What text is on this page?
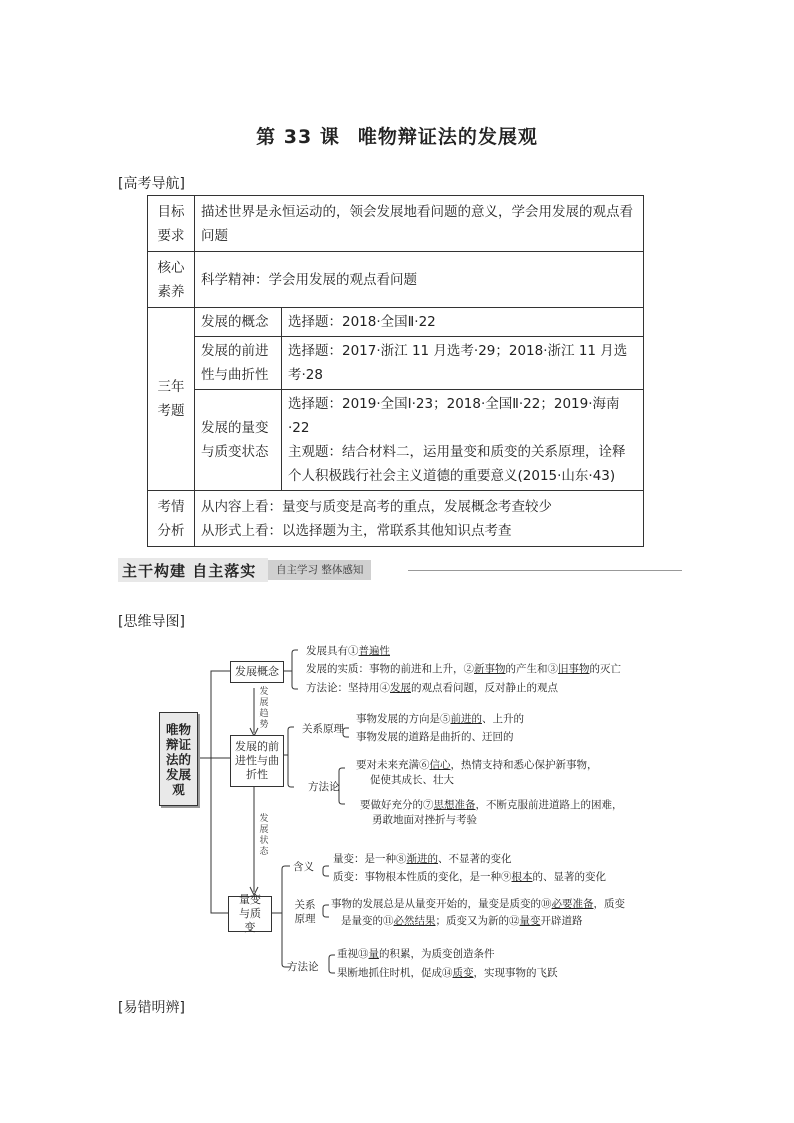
第 33 课 唯物辩证法的发展观
[高考导航]
目标要求	描述世界是永恒运动的，领会发展地看问题的意义，学会用发展的观点看问题	
核心素养	科学精神：学会用发展的观点看问题	
三年考题	发展的概念	选择题：2018·全国Ⅱ·22
	发展的前进性与曲折性	选择题：2017·浙江 11 月选考·29；2018·浙江 11 月选考·28
	发展的量变与质变状态	选择题：2019·全国Ⅰ·23；2018·全国Ⅱ·22；2019·海南·22
主观题：结合材料二，运用量变和质变的关系原理，诠释个人积极践行社会主义道德的重要意义(2015·山东·43)

考情分析	从内容上看：量变与质变是高考的重点，发展概念考查较少
从形式上看：以选择题为主，常联系其他知识点考查	
主干构建 自主落实	自主学习 整体感知
[思维导图]
唯物辩证法的发展观
发展概念
发展具有①普遍性
发展的实质：事物的前进和上升，②新事物的产生和③旧事物的灭亡
方法论：坚持用④发展的观点看问题，反对静止的观点
发
展
趋
势
发展的前进性与曲折性
关系原理
事物发展的方向是⑤前进的、上升的
事物发展的道路是曲折的、迂回的
方法论
要对未来充满⑥信心，热情支持和悉心保护新事物，
促使其成长、壮大
要做好充分的⑦思想准备，不断克服前进道路上的困难，
勇敢地面对挫折与考验
发
展
状
态
量变与质变
含义
量变：是一种⑧渐进的、不显著的变化
质变：事物根本性质的变化，是一种⑨根本的、显著的变化
关系原理
事物的发展总是从量变开始的，量变是质变的⑩必要准备，质变
是量变的⑪必然结果；质变又为新的⑫量变开辟道路
方法论
重视⑬量的积累，为质变创造条件
果断地抓住时机，促成⑭质变，实现事物的飞跃
[易错明辨]
